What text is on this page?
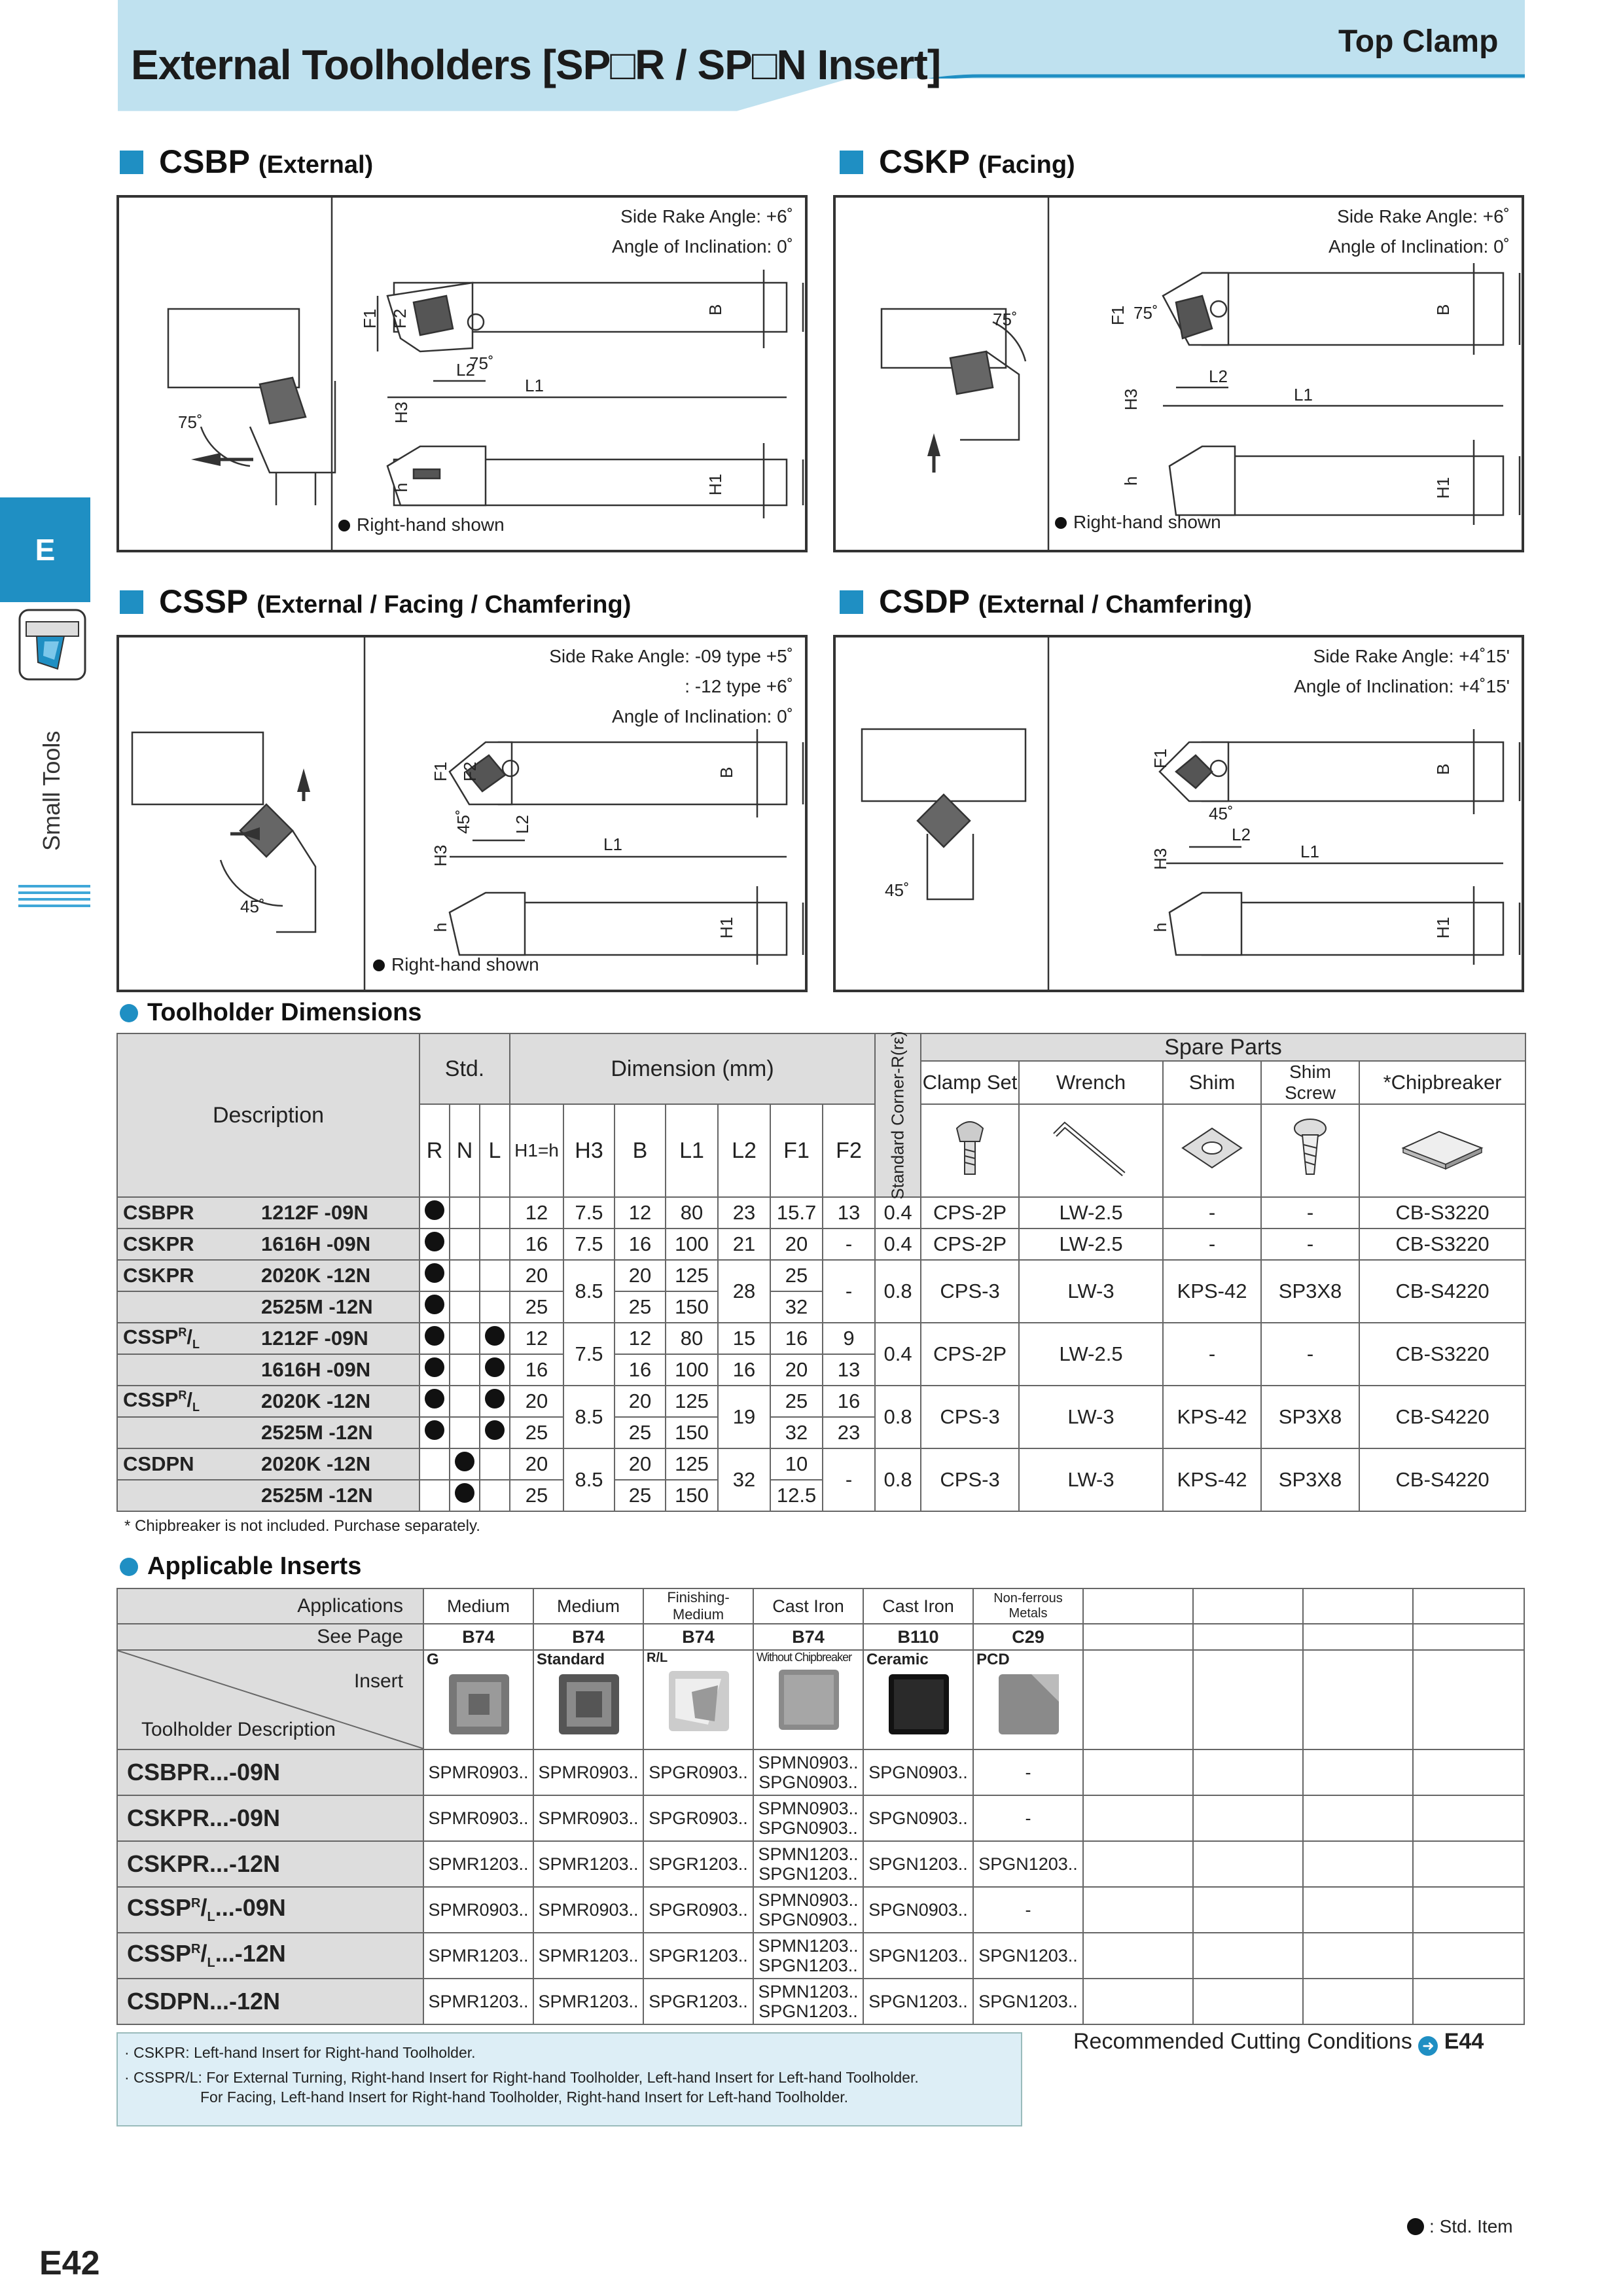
External Toolholders [SP□R / SP□N Insert]	Top Clamp
E
Small Tools
CSBP (External)	CSKP (Facing)
CSSP (External / Facing / Chamfering)	CSDP (External / Chamfering)
Side Rake Angle: +6˚
Angle of Inclination: 0˚
75˚
75˚
L1
L2
F1 F2	B
H3
h	H1
Right-hand shown
Side Rake Angle: +6˚
Angle of Inclination: 0˚
75˚	75˚
L1
L2
F1	B
H3
h	H1
Right-hand shown
Side Rake Angle: -09 type +5˚
: -12 type +6˚
Angle of Inclination: 0˚
45˚
45˚
L1
L2
F1 F2	B
H3
h	H1
Right-hand shown
Side Rake Angle: +4˚15'
Angle of Inclination: +4˚15'
45˚
45˚
L1
L2
F1
B
H3
h	H1
Toolholder Dimensions
Description		Std.			Dimension (mm)							Standard Corner-R(rε)	Spare Parts				
													Clamp Set	Wrench	Shim	Shim Screw	*Chipbreaker
		R	N	L	H1=h	H3	B	L1	L2	F1	F2					
CSBPR	1212F -09N				12	7.5	12	80	23	15.7	13	0.4	CPS-2P	LW-2.5	-	-	CB-S3220
CSKPR	1616H -09N				16	7.5	16	100	21	20	-	0.4	CPS-2P	LW-2.5	-	-	CB-S3220
CSKPR	2020K -12N				20	8.5	20	125	28	25	-	0.8	CPS-3	LW-3	KPS-42	SP3X8	CB-S4220
	2525M -12N				25		25	150		32							
$CSSP^R/_L$	1212F -09N				12	7.5	12	80	15	16	9	0.4	CPS-2P	LW-2.5	-	-	CB-S3220
	1616H -09N				16		16	100	16	20	13						
$CSSP^R/_L$	2020K -12N				20	8.5	20	125	19	25	16	0.8	CPS-3	LW-3	KPS-42	SP3X8	CB-S4220
	2525M -12N				25		25	150		32	23						
CSDPN	2020K -12N				20	8.5	20	125	32	10	-	0.8	CPS-3	LW-3	KPS-42	SP3X8	CB-S4220
	2525M -12N				25		25	150		12.5							
* Chipbreaker is not included. Purchase separately.
Applicable Inserts
Applications	Medium	Medium	Finishing-Medium	Cast Iron	Cast Iron	Non-ferrous Metals				
See Page	B74	B74	B74	B74	B110	C29				

Insert
Toolholder Description	G	Standard	R/L	Without Chipbreaker	Ceramic	PCD				

CSBPR...-09N	SPMR0903..	SPMR0903..	SPGR0903..	SPMN0903.. SPGN0903..	SPGN0903..	-				
CSKPR...-09N	SPMR0903..	SPMR0903..	SPGR0903..	SPMN0903.. SPGN0903..	SPGN0903..	-				
CSKPR...-12N	SPMR1203..	SPMR1203..	SPGR1203..	SPMN1203.. SPGN1203..	SPGN1203..	SPGN1203..				
$CSSP^R/_L...-09N$	SPMR0903..	SPMR0903..	SPGR0903..	SPMN0903.. SPGN0903..	SPGN0903..	-				
$CSSP^R/_L...-12N$	SPMR1203..	SPMR1203..	SPGR1203..	SPMN1203.. SPGN1203..	SPGN1203..	SPGN1203..				
CSDPN...-12N	SPMR1203..	SPMR1203..	SPGR1203..	SPMN1203.. SPGN1203..	SPGN1203..	SPGN1203..				
· CSKPR: Left-hand Insert for Right-hand Toolholder.
· CSSPR/L: For External Turning, Right-hand Insert for Right-hand Toolholder, Left-hand Insert for Left-hand Toolholder.
For Facing, Left-hand Insert for Right-hand Toolholder, Right-hand Insert for Left-hand Toolholder.
Recommended Cutting Conditions ➜ E44
: Std. Item
E42
